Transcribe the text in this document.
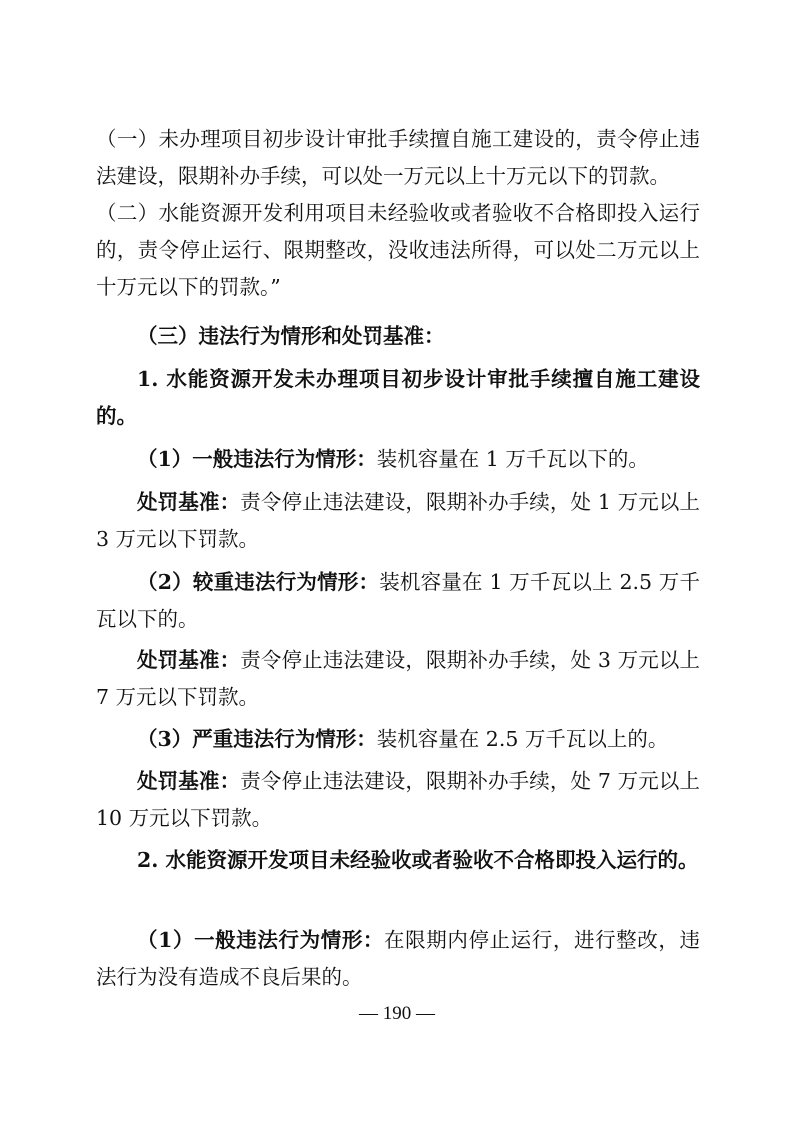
（一）未办理项目初步设计审批手续擅自施工建设的，责令停止违法建设，限期补办手续，可以处一万元以上十万元以下的罚款。

（二）水能资源开发利用项目未经验收或者验收不合格即投入运行的，责令停止运行、限期整改，没收违法所得，可以处二万元以上十万元以下的罚款。”

（三）违法行为情形和处罚基准：

1. 水能资源开发未办理项目初步设计审批手续擅自施工建设的。

（1）一般违法行为情形：装机容量在 1 万千瓦以下的。

处罚基准：责令停止违法建设，限期补办手续，处 1 万元以上 3 万元以下罚款。

（2）较重违法行为情形：装机容量在 1 万千瓦以上 2.5 万千瓦以下的。

处罚基准：责令停止违法建设，限期补办手续，处 3 万元以上 7 万元以下罚款。

（3）严重违法行为情形：装机容量在 2.5 万千瓦以上的。

处罚基准：责令停止违法建设，限期补办手续，处 7 万元以上 10 万元以下罚款。

2. 水能资源开发项目未经验收或者验收不合格即投入运行的。

（1）一般违法行为情形：在限期内停止运行，进行整改，违法行为没有造成不良后果的。

— 190 —
